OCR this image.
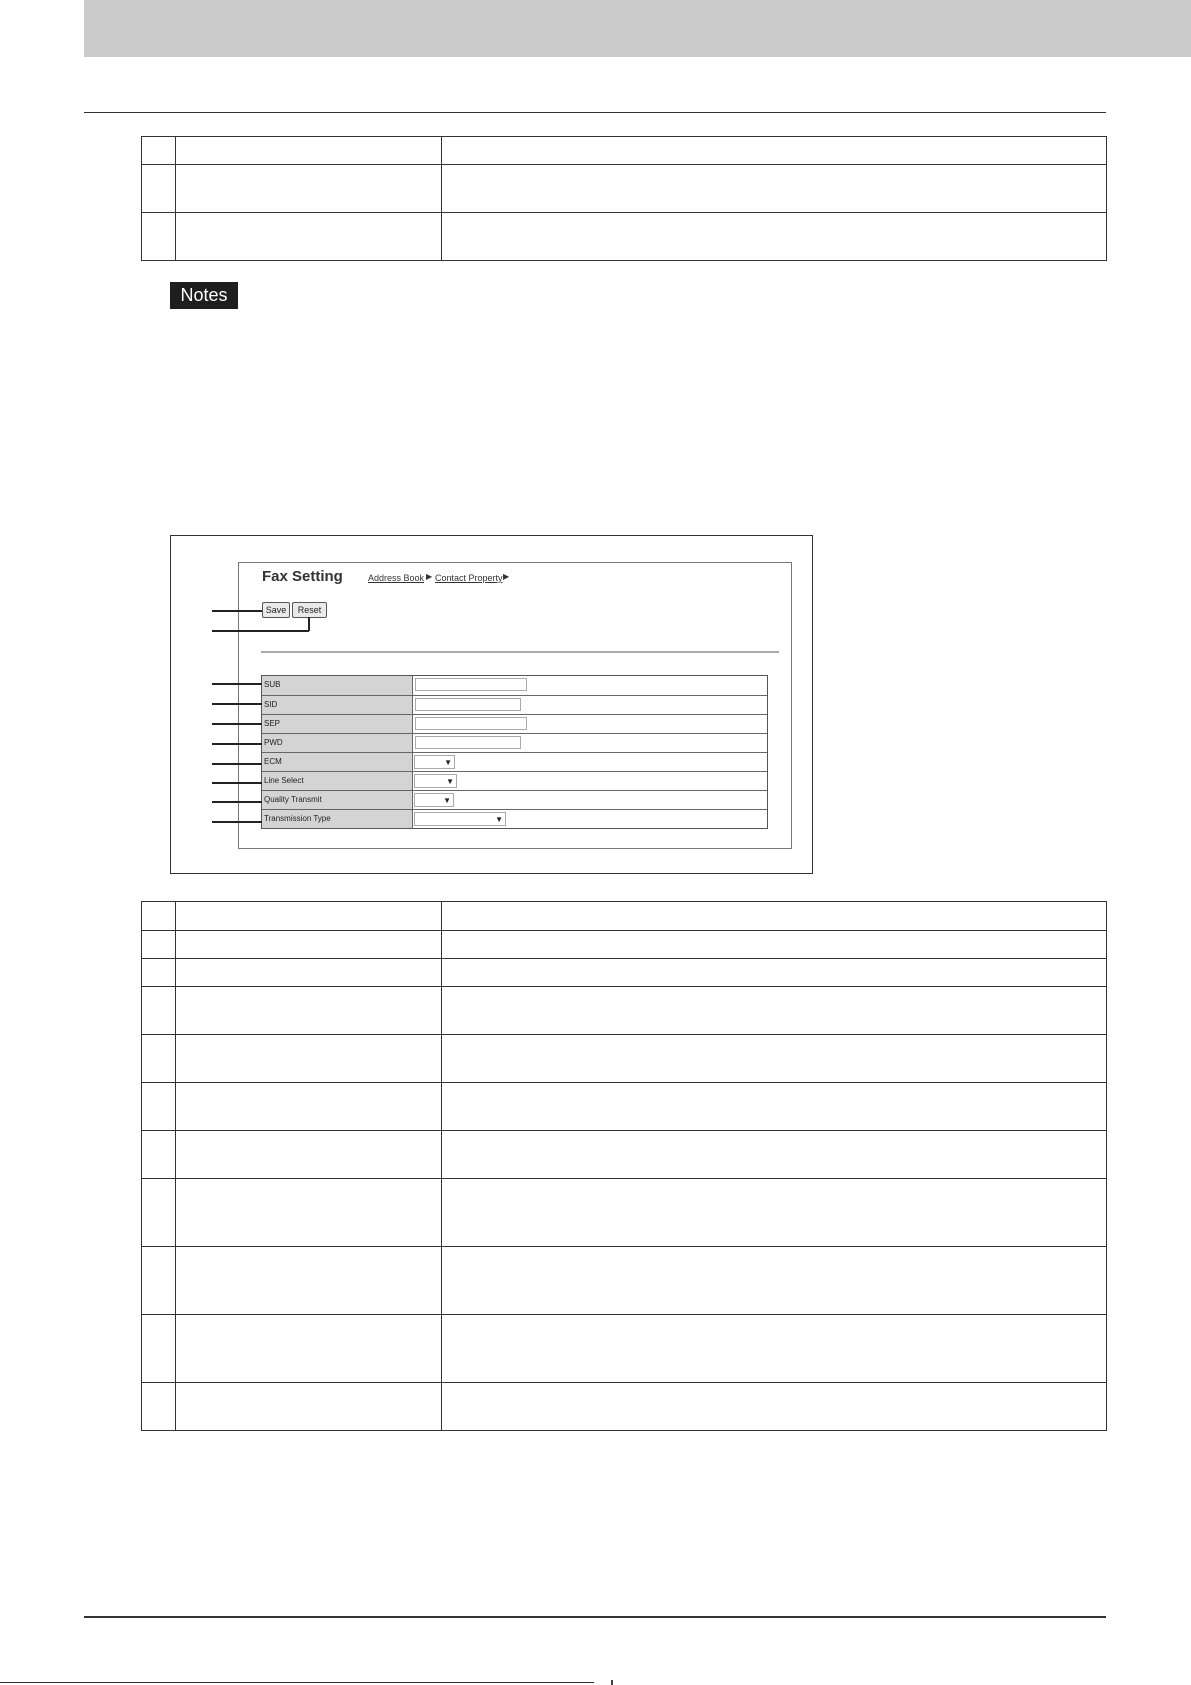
Notes
Fax Setting	Address Book ▶ Contact Property ▶
Save	Reset
SUB
SID
SEP
PWD
ECM	▼
Line Select	▼
Quality Transmit	▼
Transmission Type	▼
